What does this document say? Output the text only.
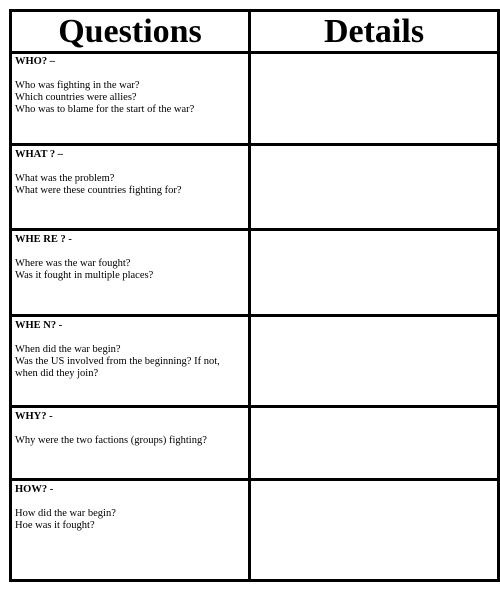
Questions	Details

WHO? –

Who was fighting in the war?

Which countries were allies?

Who was to blame for the start of the war?

WHAT ? –

What was the problem?

What were these countries fighting for?

WHE RE ? -

Where was the war fought?

Was it fought in multiple places?

WHE N? -

When did the war begin?

Was the US involved from the beginning? If not,

when did they join?

WHY? -

Why were the two factions (groups) fighting?

HOW? -

How did the war begin?

Hoe was it fought?
